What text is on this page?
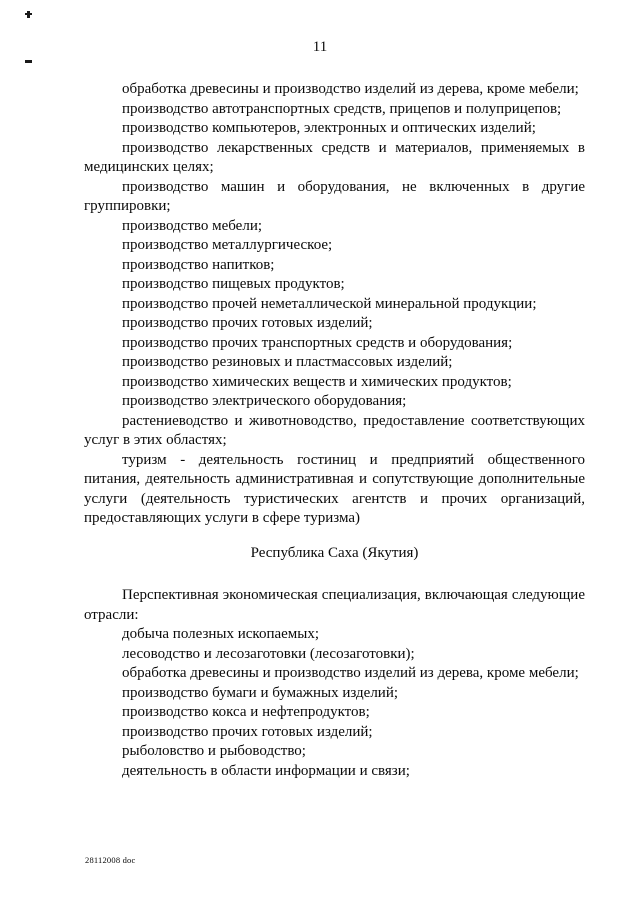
11

обработка древесины и производство изделий из дерева, кроме мебели;

производство автотранспортных средств, прицепов и полуприцепов;

производство компьютеров, электронных и оптических изделий;

производство лекарственных средств и материалов, применяемых в медицинских целях;

производство машин и оборудования, не включенных в другие группировки;

производство мебели;

производство металлургическое;

производство напитков;

производство пищевых продуктов;

производство прочей неметаллической минеральной продукции;

производство прочих готовых изделий;

производство прочих транспортных средств и оборудования;

производство резиновых и пластмассовых изделий;

производство химических веществ и химических продуктов;

производство электрического оборудования;

растениеводство и животноводство, предоставление соответствующих услуг в этих областях;

туризм - деятельность гостиниц и предприятий общественного питания, деятельность административная и сопутствующие дополнительные услуги (деятельность туристических агентств и прочих организаций, предоставляющих услуги в сфере туризма)

Республика Саха (Якутия)

Перспективная экономическая специализация, включающая следующие отрасли:

добыча полезных ископаемых;

лесоводство и лесозаготовки (лесозаготовки);

обработка древесины и производство изделий из дерева, кроме мебели;

производство бумаги и бумажных изделий;

производство кокса и нефтепродуктов;

производство прочих готовых изделий;

рыболовство и рыбоводство;

деятельность в области информации и связи;

28112008 doc
